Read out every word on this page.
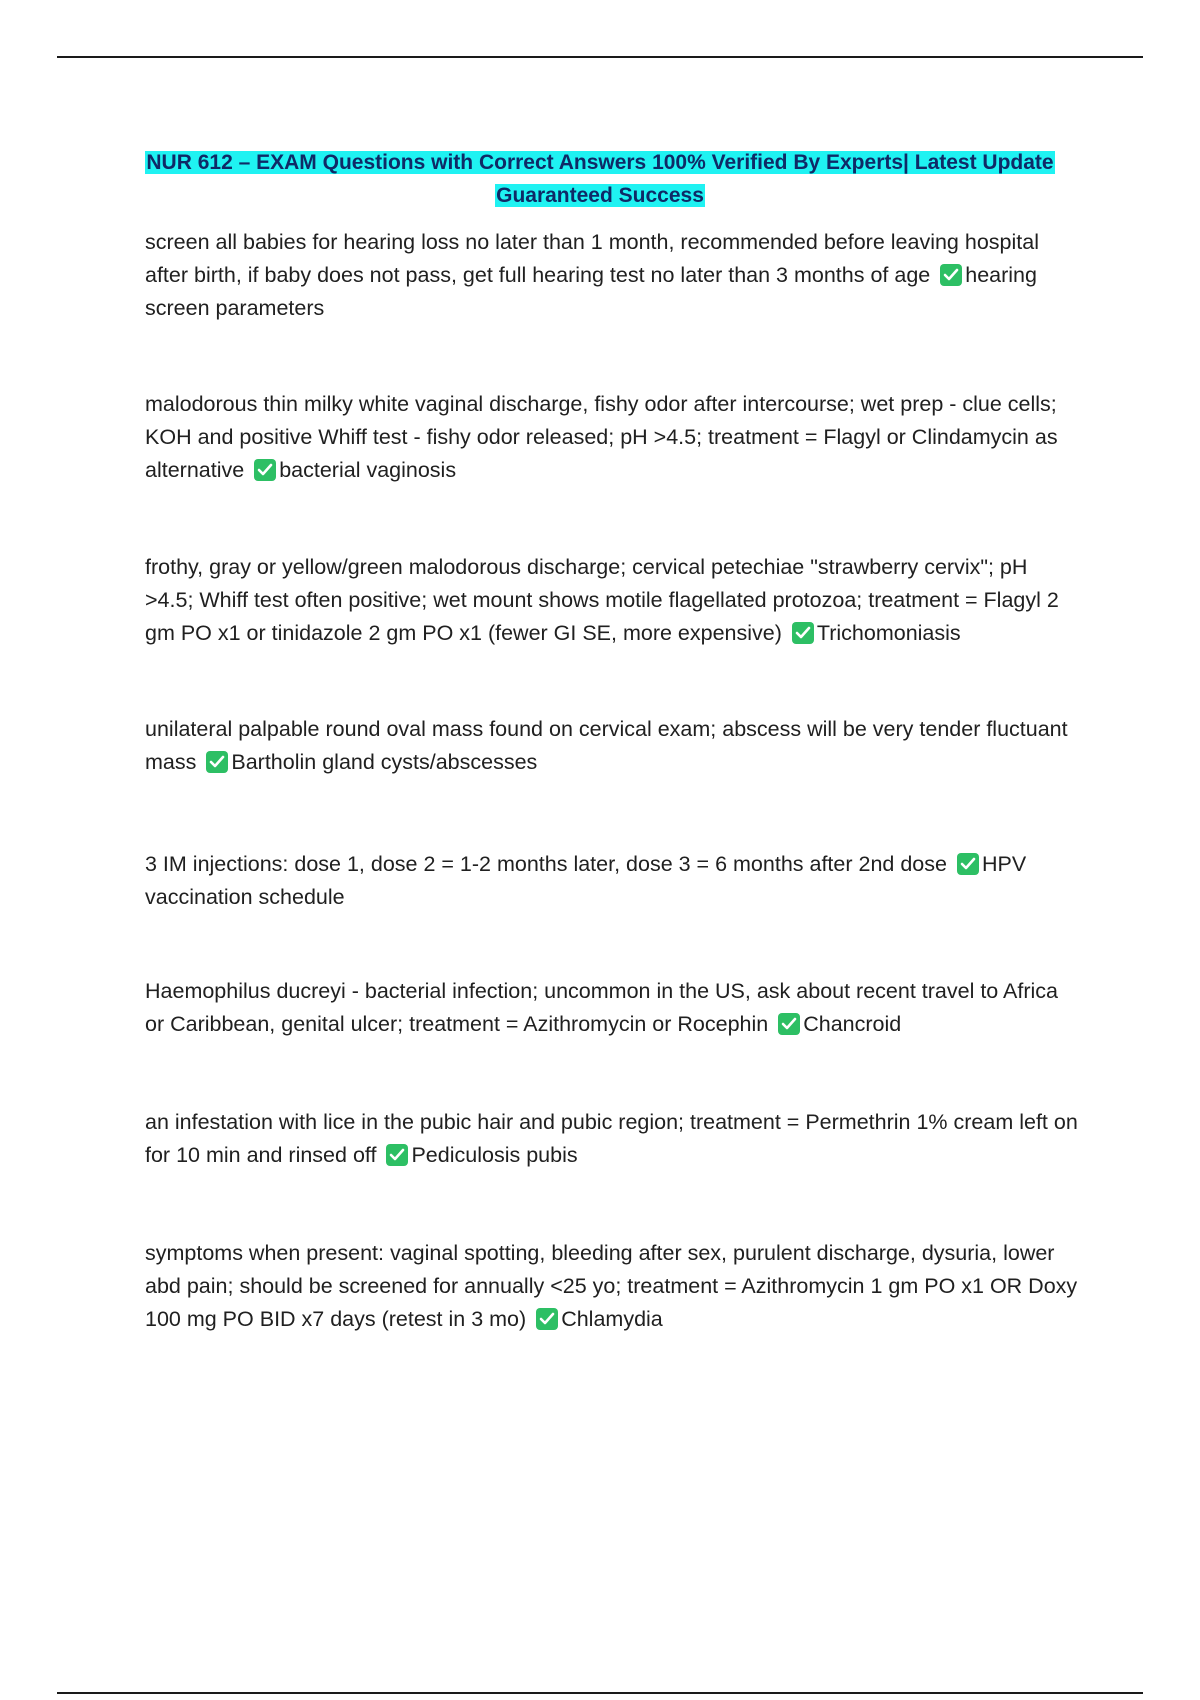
NUR 612 – EXAM Questions with Correct Answers 100% Verified By Experts| Latest Update
Guaranteed Success
screen all babies for hearing loss no later than 1 month, recommended before leaving hospital after birth, if baby does not pass, get full hearing test no later than 3 months of age hearing screen parameters
malodorous thin milky white vaginal discharge, fishy odor after intercourse; wet prep - clue cells; KOH and positive Whiff test - fishy odor released; pH >4.5; treatment = Flagyl or Clindamycin as alternative bacterial vaginosis
frothy, gray or yellow/green malodorous discharge; cervical petechiae "strawberry cervix"; pH >4.5; Whiff test often positive; wet mount shows motile flagellated protozoa; treatment = Flagyl 2 gm PO x1 or tinidazole 2 gm PO x1 (fewer GI SE, more expensive) Trichomoniasis
unilateral palpable round oval mass found on cervical exam; abscess will be very tender fluctuant mass Bartholin gland cysts/abscesses
3 IM injections: dose 1, dose 2 = 1-2 months later, dose 3 = 6 months after 2nd dose HPV vaccination schedule
Haemophilus ducreyi - bacterial infection; uncommon in the US, ask about recent travel to Africa or Caribbean, genital ulcer; treatment = Azithromycin or Rocephin Chancroid
an infestation with lice in the pubic hair and pubic region; treatment = Permethrin 1% cream left on for 10 min and rinsed off Pediculosis pubis
symptoms when present: vaginal spotting, bleeding after sex, purulent discharge, dysuria, lower abd pain; should be screened for annually <25 yo; treatment = Azithromycin 1 gm PO x1 OR Doxy 100 mg PO BID x7 days (retest in 3 mo) Chlamydia
